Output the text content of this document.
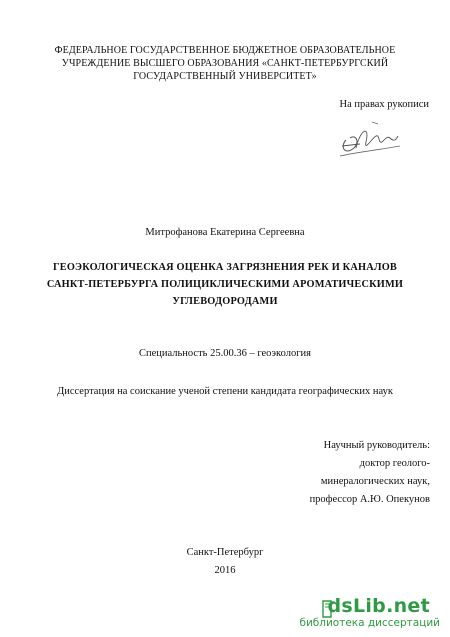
ФЕДЕРАЛЬНОЕ ГОСУДАРСТВЕННОЕ БЮДЖЕТНОЕ ОБРАЗОВАТЕЛЬНОЕ
УЧРЕЖДЕНИЕ ВЫСШЕГО ОБРАЗОВАНИЯ «САНКТ-ПЕТЕРБУРГСКИЙ
ГОСУДАРСТВЕННЫЙ УНИВЕРСИТЕТ»
На правах рукописи
Митрофанова Екатерина Сергеевна
ГЕОЭКОЛОГИЧЕСКАЯ ОЦЕНКА ЗАГРЯЗНЕНИЯ РЕК И КАНАЛОВ
САНКТ-ПЕТЕРБУРГА ПОЛИЦИКЛИЧЕСКИМИ АРОМАТИЧЕСКИМИ
УГЛЕВОДОРОДАМИ
Специальность 25.00.36 – геоэкология
Диссертация на соискание ученой степени кандидата географических наук
Научный руководитель:
доктор геолого-
минералогических наук,
профессор А.Ю. Опекунов
Санкт-Петербург
2016
dsLib.net
библиотека диссертаций
